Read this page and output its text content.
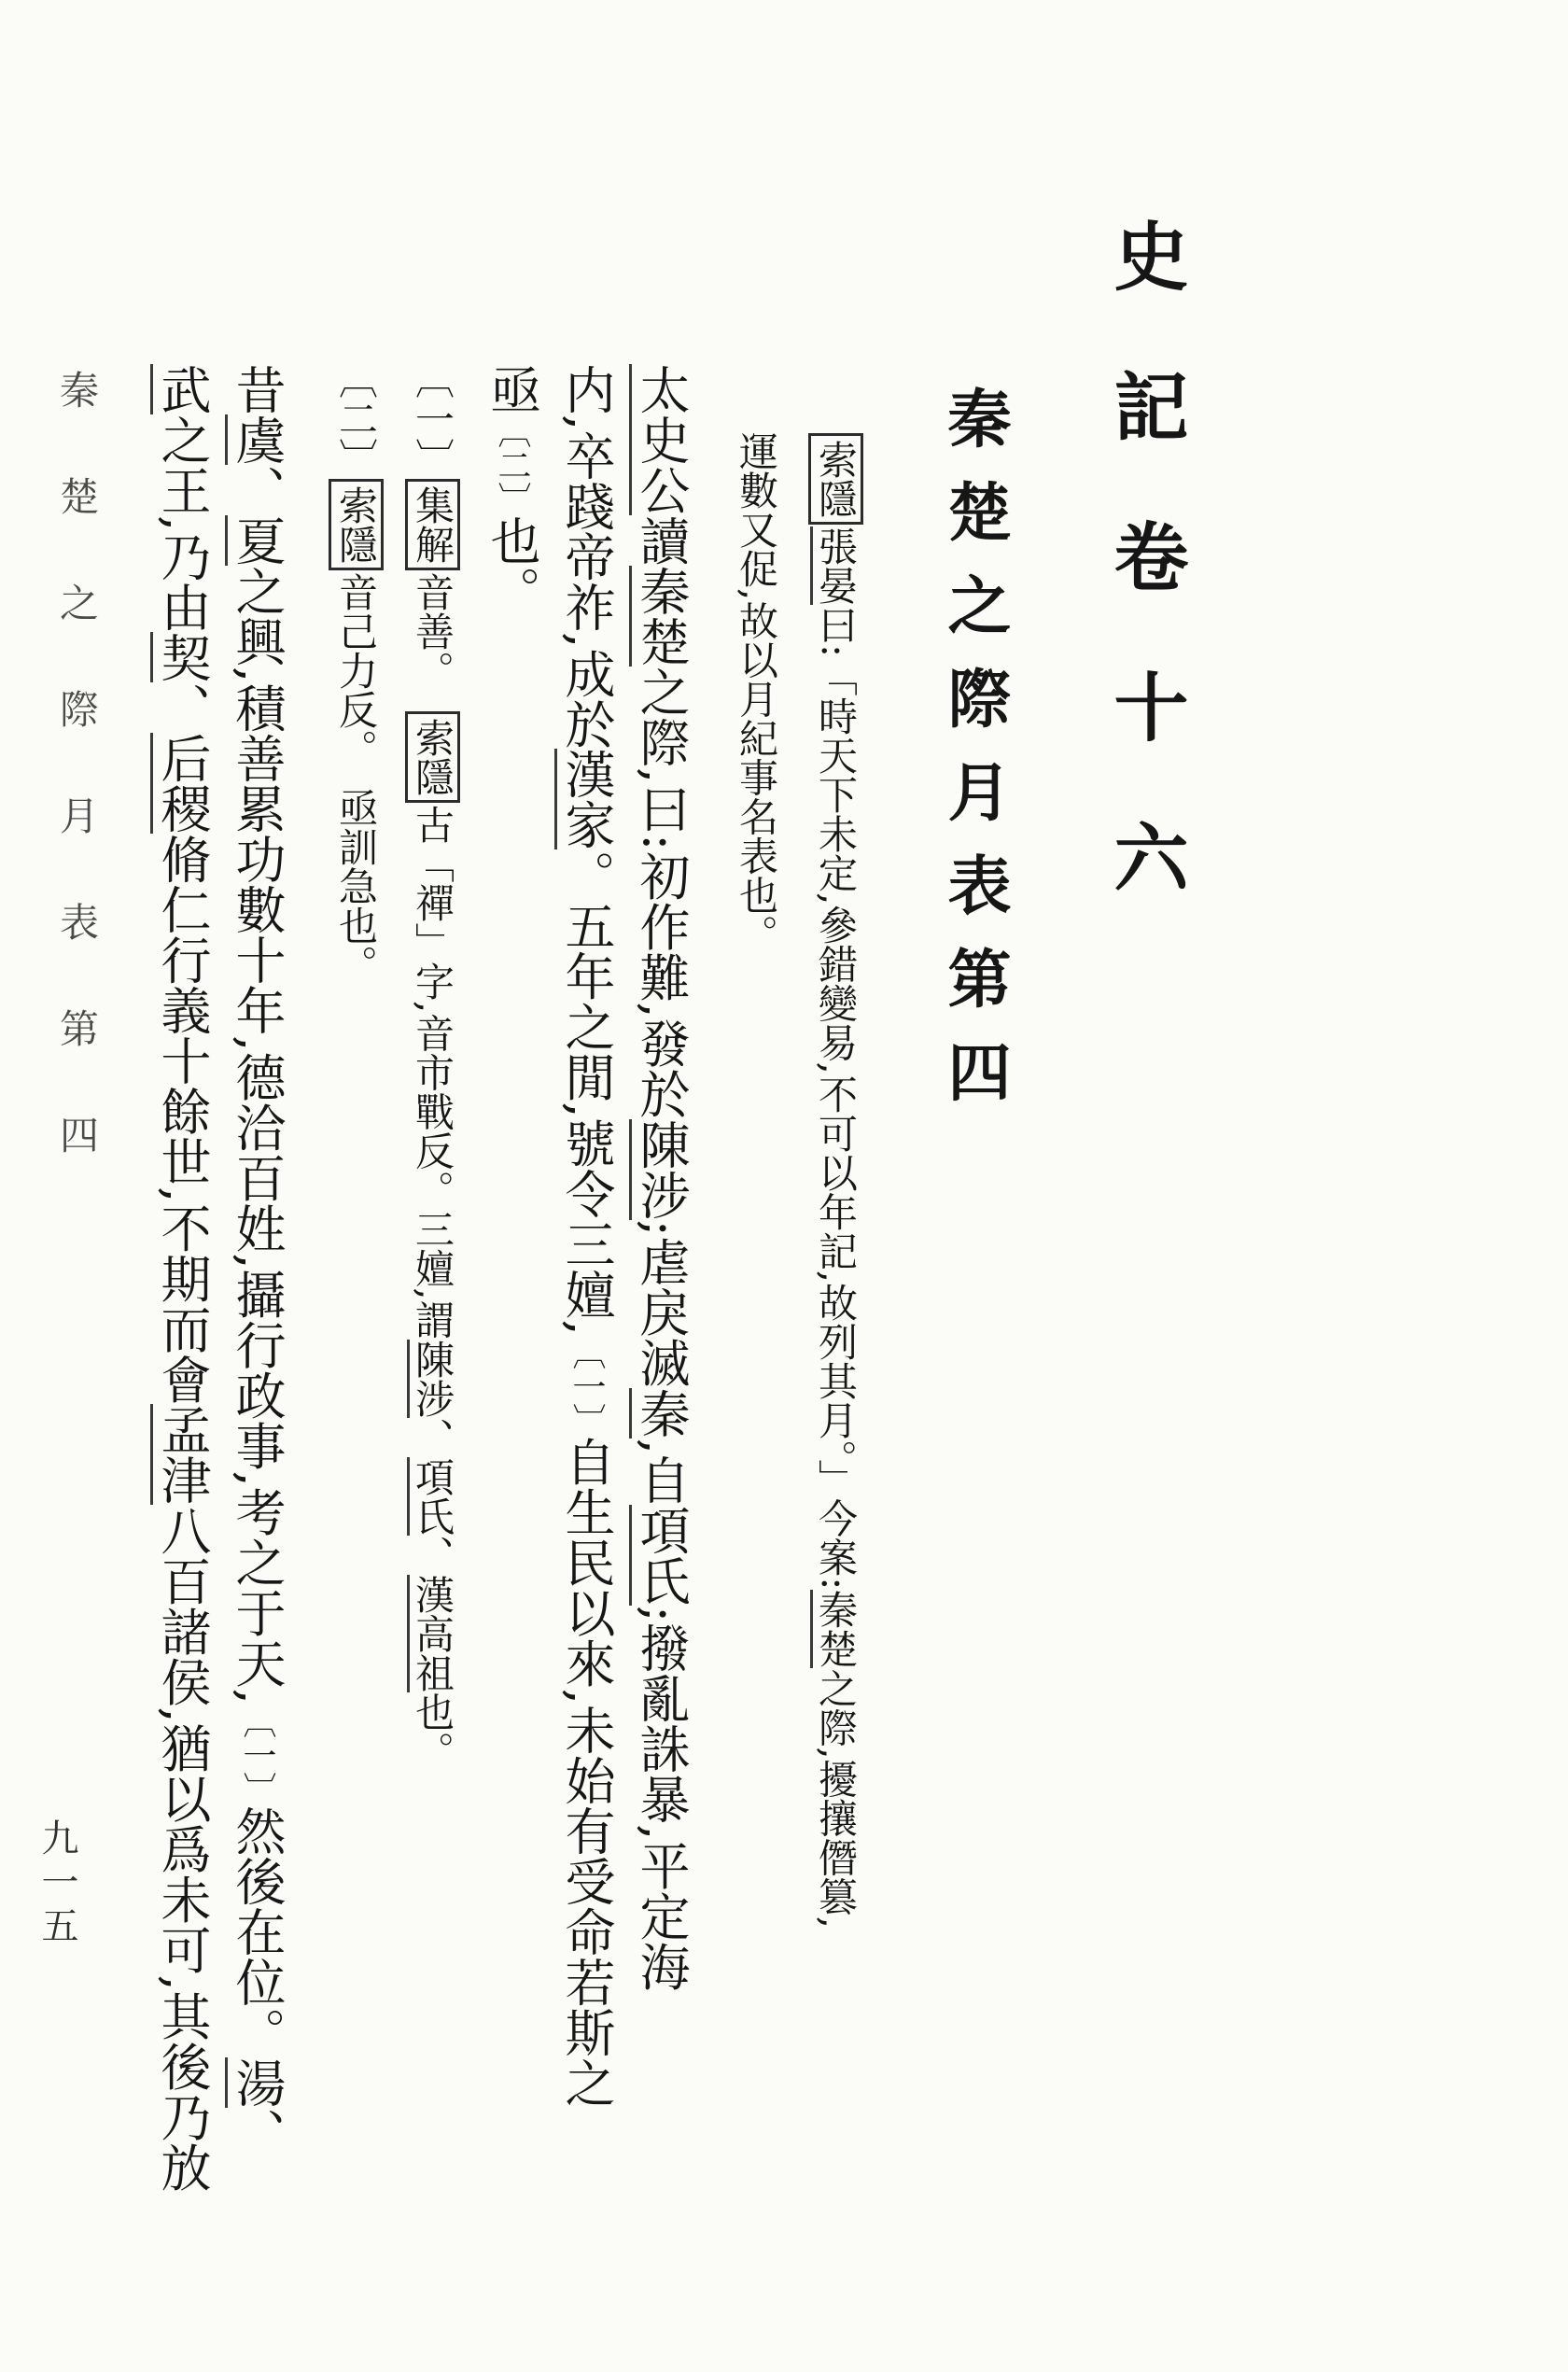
史記卷十六
秦楚之際月表第四
索隱張晏曰:「時天下未定,參錯變易,不可以年記,故列其月。」今案:秦楚之際,擾攘僭篡,
運數又促,故以月紀事名表也。
太史公讀秦楚之際,曰:初作難,發於陳涉;虐戾滅秦,自項氏;撥亂誅暴,平定海
内,卒踐帝祚,成於漢家。五年之閒,號令三嬗,〔一〕自生民以來,未始有受命若斯之
亟〔二〕也。
〔一〕集解音善。　索隱古「禪」字,音市戰反。三嬗,謂陳涉、項氏、漢高祖也。
〔二〕索隱音己力反。　亟訓急也。
昔虞、夏之興,積善累功數十年,德洽百姓,攝行政事,考之于天,〔一〕然後在位。湯、
武之王,乃由契、后稷脩仁行義十餘世,不期而會孟津八百諸侯,猶以爲未可,其後乃放
秦楚之際月表第四
九一五
